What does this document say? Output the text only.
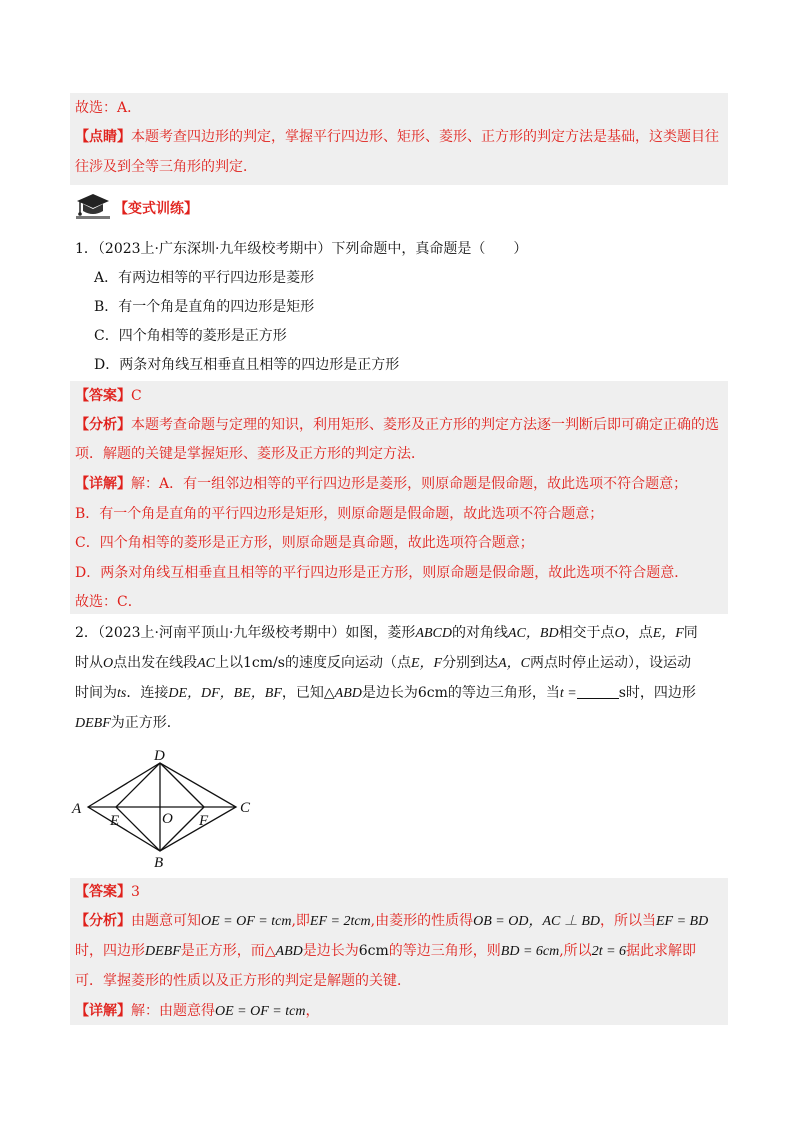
故选：A．
【点睛】本题考查四边形的判定，掌握平行四边形、矩形、菱形、正方形的判定方法是基础，这类题目往
往涉及到全等三角形的判定．
【变式训练】
1．（2023上·广东深圳·九年级校考期中）下列命题中，真命题是（　　）
A．有两边相等的平行四边形是菱形
B．有一个角是直角的四边形是矩形
C．四个角相等的菱形是正方形
D．两条对角线互相垂直且相等的四边形是正方形
【答案】C
【分析】本题考查命题与定理的知识，利用矩形、菱形及正方形的判定方法逐一判断后即可确定正确的选
项．解题的关键是掌握矩形、菱形及正方形的判定方法．
【详解】解：A．有一组邻边相等的平行四边形是菱形，则原命题是假命题，故此选项不符合题意；
B．有一个角是直角的平行四边形是矩形，则原命题是假命题，故此选项不符合题意；
C．四个角相等的菱形是正方形，则原命题是真命题，故此选项符合题意；
D．两条对角线互相垂直且相等的平行四边形是正方形，则原命题是假命题，故此选项不符合题意．
故选：C．
2．（2023上·河南平顶山·九年级校考期中）如图，菱形ABCD的对角线AC，BD相交于点O，点E，F同
时从O点出发在线段AC上以1cm/s的速度反向运动（点E，F分别到达A，C两点时停止运动），设运动
时间为ts．连接DE，DF，BE，BF，已知△ABD是边长为6cm的等边三角形，当t =	s时，四边形
DEBF为正方形．
A
B
C
D
E	F
O
【答案】3
【分析】由题意可知OE = OF = tcm,即EF = 2tcm,由菱形的性质得OB = OD，AC ⊥ BD，所以当EF = BD
时，四边形DEBF是正方形，而△ABD是边长为6cm的等边三角形，则BD = 6cm,所以2t = 6据此求解即
可．掌握菱形的性质以及正方形的判定是解题的关键．
【详解】解：由题意得OE = OF = tcm，
